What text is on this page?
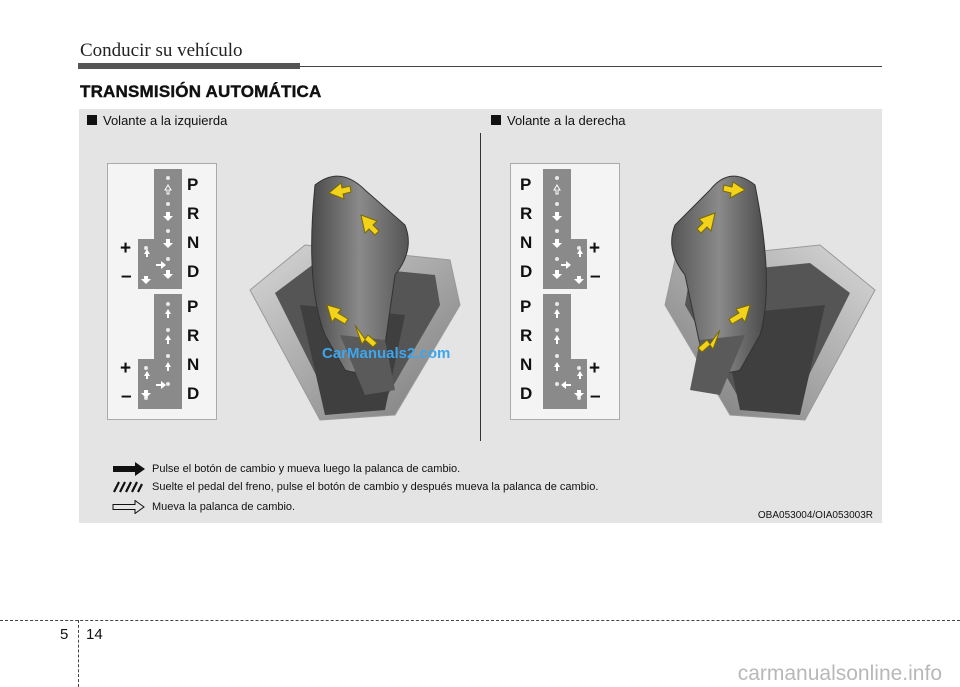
Conducir su vehículo
TRANSMISIÓN AUTOMÁTICA
Volante a la izquierda	Volante a la derecha
P
R
N
D
P
R
N
D
+
–
+
–
P
R
N
D
P
R
N
D
+
–
+
–
CarManuals2.com
Pulse el botón de cambio y mueva luego la palanca de cambio.
Suelte el pedal del freno, pulse el botón de cambio y después mueva la palanca de cambio.
Mueva la palanca de cambio.
OBA053004/OIA053003R
5 14
carmanualsonline.info
